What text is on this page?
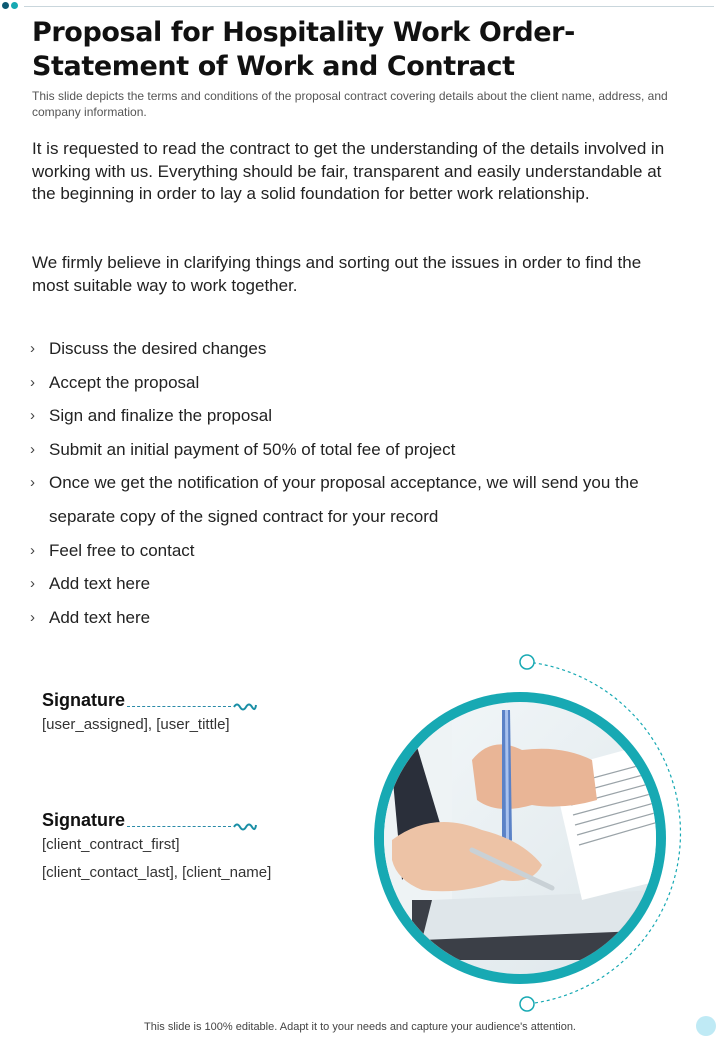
Proposal for Hospitality Work Order- Statement of Work and Contract
This slide depicts the terms and conditions of the proposal contract covering details about the client name, address, and company information.

It is requested to read the contract to get the understanding of the details involved in working with us. Everything should be fair, transparent and easily understandable at the beginning in order to lay a solid foundation for better work relationship.

We firmly believe in clarifying things and sorting out the issues in order to find the most suitable way to work together.

› Discuss the desired changes
› Accept the proposal
› Sign and finalize the proposal
› Submit an initial payment of 50% of total fee of project
› Once we get the notification of your proposal acceptance, we will send you the separate copy of the signed contract for your record
› Feel free to contact
› Add text here
› Add text here
Signature
[user_assigned], [user_tittle]
Signature
[client_contract_first]
[client_contact_last], [client_name]
This slide is 100% editable. Adapt it to your needs and capture your audience's attention.
